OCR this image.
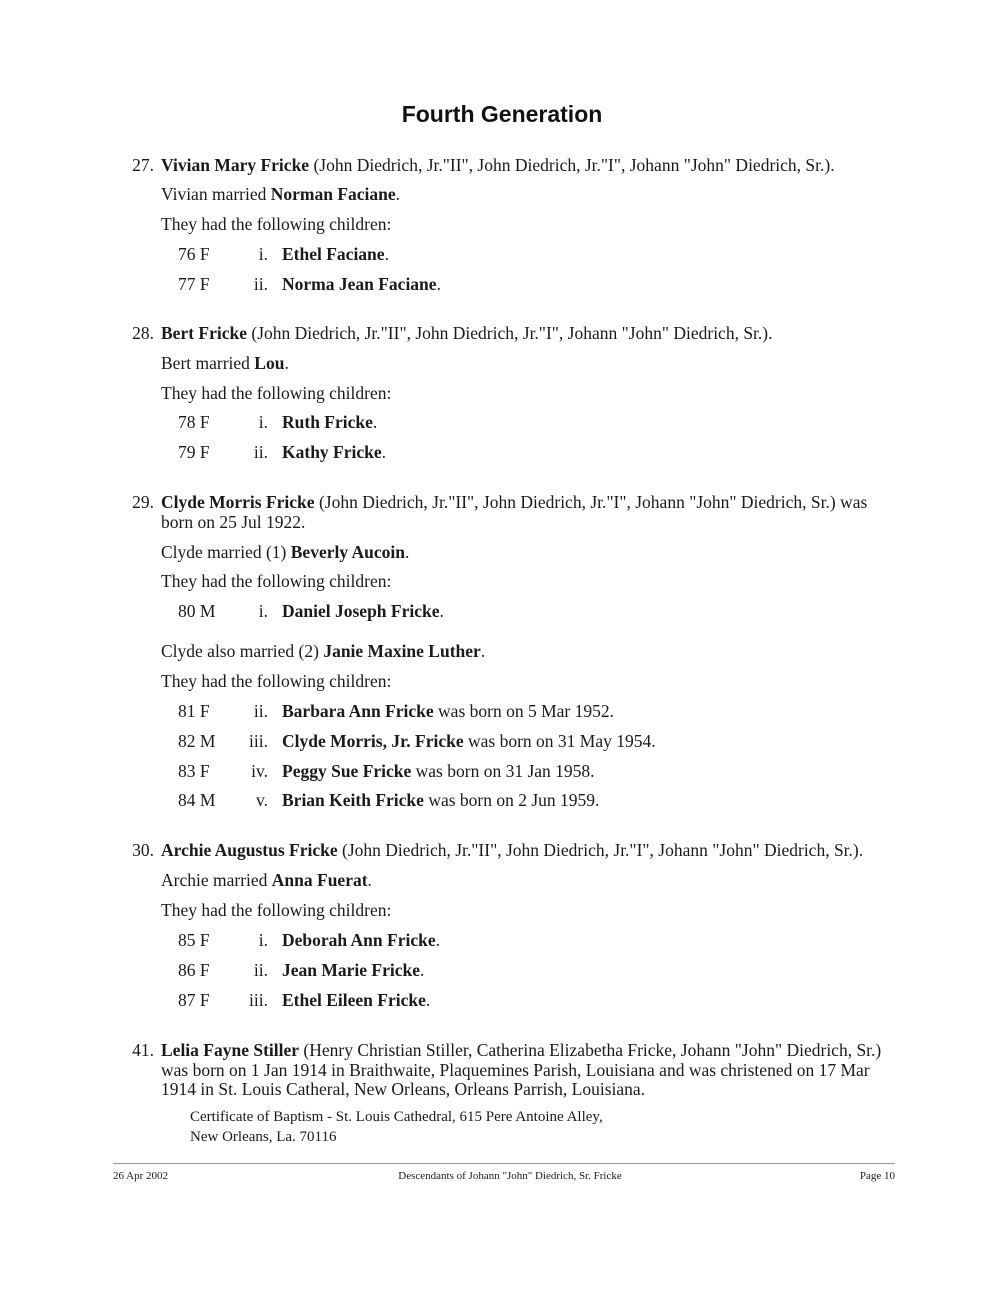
Fourth Generation
27. Vivian Mary Fricke (John Diedrich, Jr."II", John Diedrich, Jr."I", Johann "John" Diedrich, Sr.).
Vivian married Norman Faciane.
They had the following children:
76 F	i. Ethel Faciane.
77 F	ii. Norma Jean Faciane.
28. Bert Fricke (John Diedrich, Jr."II", John Diedrich, Jr."I", Johann "John" Diedrich, Sr.).
Bert married Lou.
They had the following children:
78 F	i. Ruth Fricke.
79 F	ii. Kathy Fricke.
29. Clyde Morris Fricke (John Diedrich, Jr."II", John Diedrich, Jr."I", Johann "John" Diedrich, Sr.) was
born on 25 Jul 1922.
Clyde married (1) Beverly Aucoin.
They had the following children:
80 M	i. Daniel Joseph Fricke.
Clyde also married (2) Janie Maxine Luther.
They had the following children:
81 F	ii. Barbara Ann Fricke was born on 5 Mar 1952.
82 M iii. Clyde Morris, Jr. Fricke was born on 31 May 1954.
83 F	iv. Peggy Sue Fricke was born on 31 Jan 1958.
84 M	v. Brian Keith Fricke was born on 2 Jun 1959.
30. Archie Augustus Fricke (John Diedrich, Jr."II", John Diedrich, Jr."I", Johann "John" Diedrich, Sr.).
Archie married Anna Fuerat.
They had the following children:
85 F	i. Deborah Ann Fricke.
86 F	ii. Jean Marie Fricke.
87 F iii. Ethel Eileen Fricke.
41. Lelia Fayne Stiller (Henry Christian Stiller, Catherina Elizabetha Fricke, Johann "John" Diedrich, Sr.)
was born on 1 Jan 1914 in Braithwaite, Plaquemines Parish, Louisiana and was christened on 17 Mar
1914 in St. Louis Catheral, New Orleans, Orleans Parrish, Louisiana.
Certificate of Baptism - St. Louis Cathedral, 615 Pere Antoine Alley,
New Orleans, La. 70116
26 Apr 2002	Descendants of Johann "John" Diedrich, Sr. Fricke	Page 10
